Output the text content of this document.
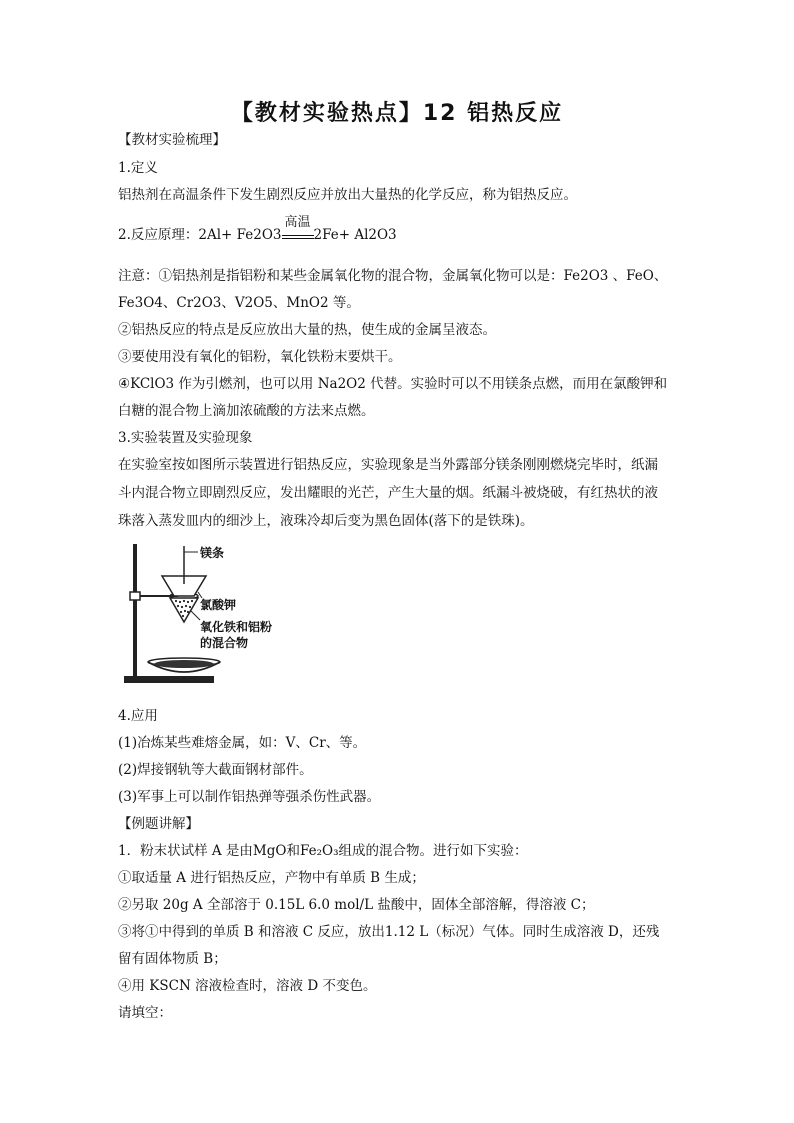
【教材实验热点】12 铝热反应
【教材实验梳理】
1.定义
铝热剂在高温条件下发生剧烈反应并放出大量热的化学反应，称为铝热反应。
2.反应原理：2Al+ Fe2O3
高温
2Fe+ Al2O3
注意：①铝热剂是指铝粉和某些金属氧化物的混合物，金属氧化物可以是：Fe2O3 、FeO、
Fe3O4、Cr2O3、V2O5、MnO2 等。
②铝热反应的特点是反应放出大量的热，使生成的金属呈液态。
③要使用没有氧化的铝粉，氧化铁粉末要烘干。
④KClO3 作为引燃剂，也可以用 Na2O2 代替。实验时可以不用镁条点燃，而用在氯酸钾和
白糖的混合物上滴加浓硫酸的方法来点燃。
3.实验装置及实验现象
在实验室按如图所示装置进行铝热反应，实验现象是当外露部分镁条刚刚燃烧完毕时，纸漏
斗内混合物立即剧烈反应，发出耀眼的光芒，产生大量的烟。纸漏斗被烧破，有红热状的液
珠落入蒸发皿内的细沙上，液珠冷却后变为黑色固体(落下的是铁珠)。
镁条
氯酸钾
氧化铁和铝粉
的混合物
4.应用
(1)冶炼某些难熔金属，如：V、Cr、等。
(2)焊接钢轨等大截面钢材部件。
(3)军事上可以制作铝热弹等强杀伤性武器。
【例题讲解】
1．粉末状试样 A 是由MgO和Fe₂O₃组成的混合物。进行如下实验：
①取适量 A 进行铝热反应，产物中有单质 B 生成；
②另取 20g A 全部溶于 0.15L 6.0 mol/L 盐酸中，固体全部溶解，得溶液 C；
③将①中得到的单质 B 和溶液 C 反应，放出1.12 L（标况）气体。同时生成溶液 D，还残
留有固体物质 B；
④用 KSCN 溶液检查时，溶液 D 不变色。
请填空：
